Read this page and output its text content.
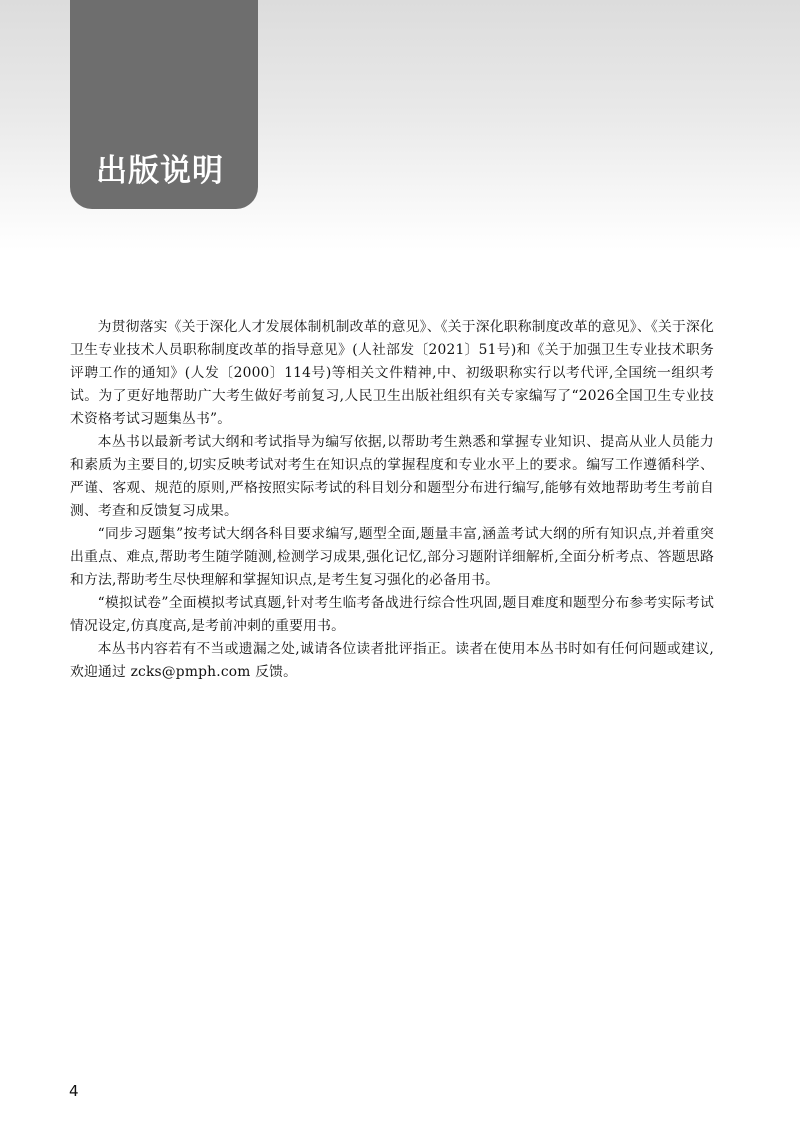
出版说明

为贯彻落实《关于深化人才发展体制机制改革的意见》、《关于深化职称制度改革的意见》、《关于深化卫生专业技术人员职称制度改革的指导意见》(人社部发〔2021〕51号)和《关于加强卫生专业技术职务评聘工作的通知》(人发〔2000〕114号)等相关文件精神,中、初级职称实行以考代评,全国统一组织考试。为了更好地帮助广大考生做好考前复习,人民卫生出版社组织有关专家编写了“2026全国卫生专业技术资格考试习题集丛书”。

本丛书以最新考试大纲和考试指导为编写依据,以帮助考生熟悉和掌握专业知识、提高从业人员能力和素质为主要目的,切实反映考试对考生在知识点的掌握程度和专业水平上的要求。编写工作遵循科学、严谨、客观、规范的原则,严格按照实际考试的科目划分和题型分布进行编写,能够有效地帮助考生考前自测、考查和反馈复习成果。

“同步习题集”按考试大纲各科目要求编写,题型全面,题量丰富,涵盖考试大纲的所有知识点,并着重突出重点、难点,帮助考生随学随测,检测学习成果,强化记忆,部分习题附详细解析,全面分析考点、答题思路和方法,帮助考生尽快理解和掌握知识点,是考生复习强化的必备用书。

“模拟试卷”全面模拟考试真题,针对考生临考备战进行综合性巩固,题目难度和题型分布参考实际考试情况设定,仿真度高,是考前冲刺的重要用书。

本丛书内容若有不当或遗漏之处,诚请各位读者批评指正。读者在使用本丛书时如有任何问题或建议,欢迎通过 zcks@pmph.com 反馈。

4
